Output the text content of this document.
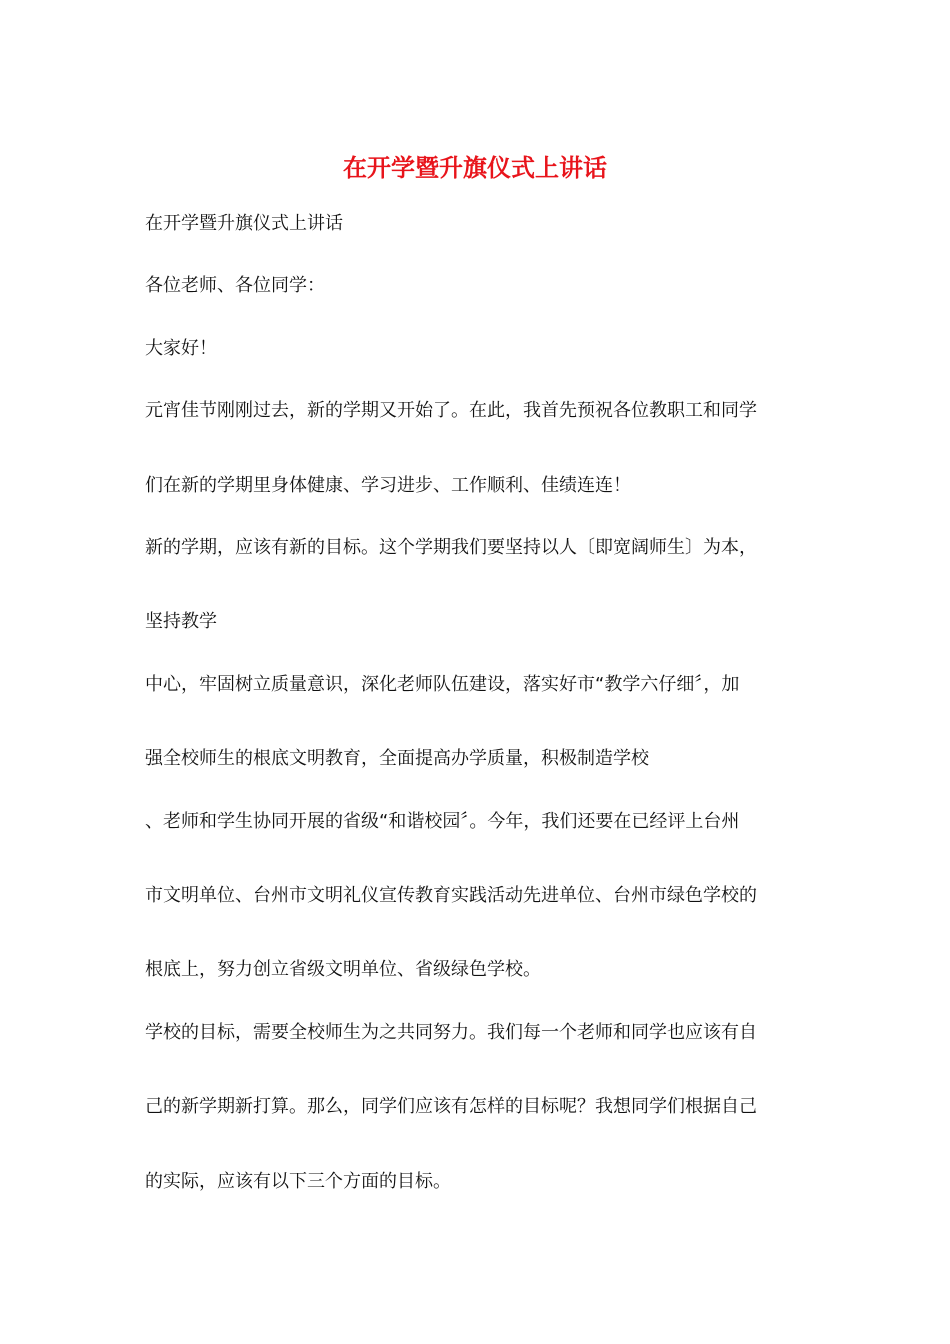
在开学暨升旗仪式上讲话
在开学暨升旗仪式上讲话
各位老师、各位同学：
大家好！
元宵佳节刚刚过去，新的学期又开始了。在此，我首先预祝各位教职工和同学
们在新的学期里身体健康、学习进步、工作顺利、佳绩连连！
新的学期，应该有新的目标。这个学期我们要坚持以人〔即宽阔师生〕为本，
坚持教学
中心，牢固树立质量意识，深化老师队伍建设，落实好市“教学六仔细〞，加
强全校师生的根底文明教育，全面提高办学质量，积极制造学校
、老师和学生协同开展的省级“和谐校园〞。今年，我们还要在已经评上台州
市文明单位、台州市文明礼仪宣传教育实践活动先进单位、台州市绿色学校的
根底上，努力创立省级文明单位、省级绿色学校。
学校的目标，需要全校师生为之共同努力。我们每一个老师和同学也应该有自
己的新学期新打算。那么，同学们应该有怎样的目标呢？我想同学们根据自己
的实际，应该有以下三个方面的目标。
